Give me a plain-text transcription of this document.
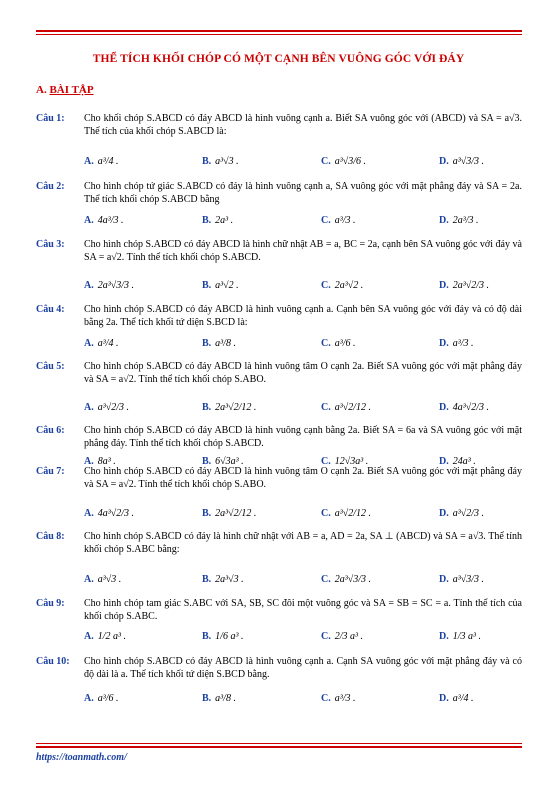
THỂ TÍCH KHỐI CHÓP CÓ MỘT CẠNH BÊN VUÔNG GÓC VỚI ĐÁY
A. BÀI TẬP
Câu 1: Cho khối chóp S.ABCD có đáy ABCD là hình vuông cạnh a. Biết SA vuông góc với (ABCD) và SA = a√3. Thể tích của khối chóp S.ABCD là:
A. a³/4 .	B. a³√3 .	C. a³√3/6 .	D. a³√3/3 .
Câu 2: Cho hình chóp tứ giác S.ABCD có đáy là hình vuông cạnh a, SA vuông góc với mặt phẳng đáy và SA = 2a. Thể tích khối chóp S.ABCD bằng
A. 4a³/3 .	B. 2a³ .	C. a³/3 .	D. 2a³/3 .
Câu 3: Cho hình chóp S.ABCD có đáy ABCD là hình chữ nhật AB = a, BC = 2a, cạnh bên SA vuông góc với đáy và SA = a√2. Tính thể tích khối chóp S.ABCD.
A. 2a³√3/3 .	B. a³√2 .	C. 2a³√2 .	D. 2a³√2/3 .
Câu 4: Cho hình chóp S.ABCD có đáy ABCD là hình vuông cạnh a. Cạnh bên SA vuông góc với đáy và có độ dài bằng 2a. Thể tích khối tứ diện S.BCD là:
A. a³/4 .	B. a³/8 .	C. a³/6 .	D. a³/3 .
Câu 5: Cho hình chóp S.ABCD có đáy ABCD là hình vuông tâm O cạnh 2a. Biết SA vuông góc với mặt phẳng đáy và SA = a√2. Tính thể tích khối chóp S.ABO.
A. a³√2/3 .	B. 2a³√2/12 .	C. a³√2/12 .	D. 4a³√2/3 .
Câu 6: Cho hình chóp S.ABCD có đáy ABCD là hình vuông cạnh bằng 2a. Biết SA = 6a và SA vuông góc với mặt phẳng đáy. Tính thể tích khối chóp S.ABCD.
A. 8a³ .	B. 6√3a³ .	C. 12√3a³ .	D. 24a³ .
Câu 7: Cho hình chóp S.ABCD có đáy ABCD là hình vuông tâm O cạnh 2a. Biết SA vuông góc với mặt phẳng đáy và SA = a√2. Tính thể tích khối chóp S.ABO.
A. 4a³√2/3 .	B. 2a³√2/12 .	C. a³√2/12 .	D. a³√2/3 .
Câu 8: Cho hình chóp S.ABCD có đáy là hình chữ nhật với AB = a, AD = 2a, SA ⊥ (ABCD) và SA = a√3. Thể tính khối chóp S.ABC bằng:
A. a³√3 .	B. 2a³√3 .	C. 2a³√3/3 .	D. a³√3/3 .
Câu 9: Cho hình chóp tam giác S.ABC với SA, SB, SC đôi một vuông góc và SA = SB = SC = a. Tính thể tích của khối chóp S.ABC.
A. 1/2 a³ .	B. 1/6 a³ .	C. 2/3 a³ .	D. 1/3 a³ .
Câu 10: Cho hình chóp S.ABCD có đáy ABCD là hình vuông cạnh a. Cạnh SA vuông góc với mặt phẳng đáy và có độ dài là a. Thể tích khối tứ diện S.BCD bằng.
A. a³/6 .	B. a³/8 .	C. a³/3 .	D. a³/4 .
https://toanmath.com/
